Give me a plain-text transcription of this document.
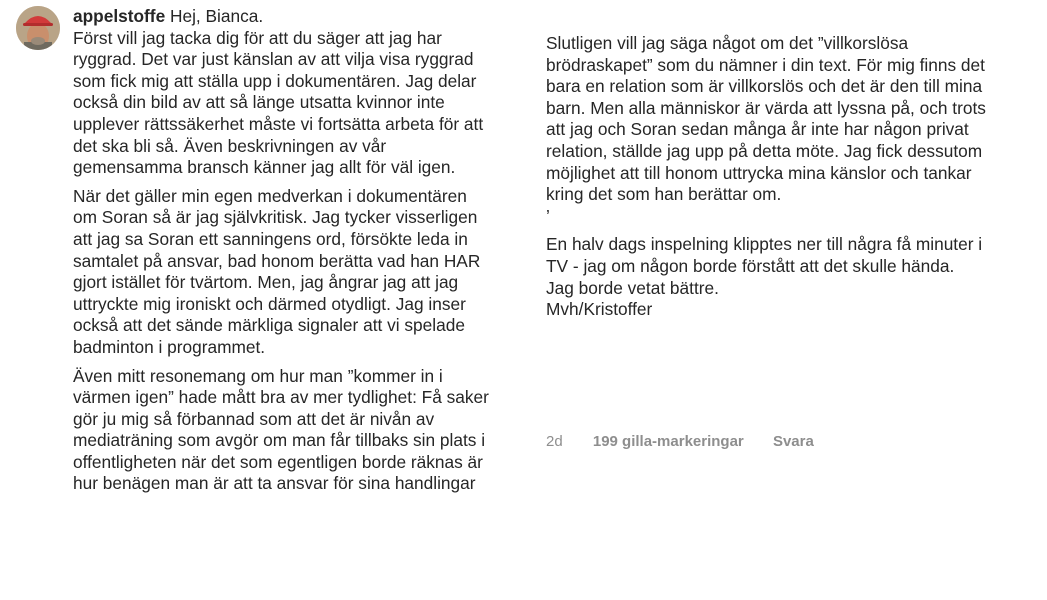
appelstoffe Hej, Bianca.

Först vill jag tacka dig för att du säger att jag har ryggrad. Det var just känslan av att vilja visa ryggrad som fick mig att ställa upp i dokumentären. Jag delar också din bild av att så länge utsatta kvinnor inte upplever rättssäkerhet måste vi fortsätta arbeta för att det ska bli så. Även beskrivningen av vår gemensamma bransch känner jag allt för väl igen.

När det gäller min egen medverkan i dokumentären om Soran så är jag självkritisk. Jag tycker visserligen att jag sa Soran ett sanningens ord, försökte leda in samtalet på ansvar, bad honom berätta vad han HAR gjort istället för tvärtom. Men, jag ångrar jag att jag uttryckte mig ironiskt och därmed otydligt. Jag inser också att det sände märkliga signaler att vi spelade badminton i programmet.

Även mitt resonemang om hur man ”kommer in i värmen igen” hade mått bra av mer tydlighet: Få saker gör ju mig så förbannad som att det är nivån av mediaträning som avgör om man får tillbaks sin plats i offentligheten när det som egentligen borde räknas är hur benägen man är att ta ansvar för sina handlingar

Slutligen vill jag säga något om det ”villkorslösa brödraskapet” som du nämner i din text. För mig finns det bara en relation som är villkorslös och det är den till mina barn. Men alla människor är värda att lyssna på, och trots att jag och Soran sedan många år inte har någon privat relation, ställde jag upp på detta möte. Jag fick dessutom möjlighet att till honom uttrycka mina känslor och tankar kring det som han berättar om.

’

En halv dags inspelning klipptes ner till några få minuter i TV - jag om någon borde förstått att det skulle hända. Jag borde vetat bättre.

Mvh/Kristoffer

2d 199 gilla-markeringar Svara
